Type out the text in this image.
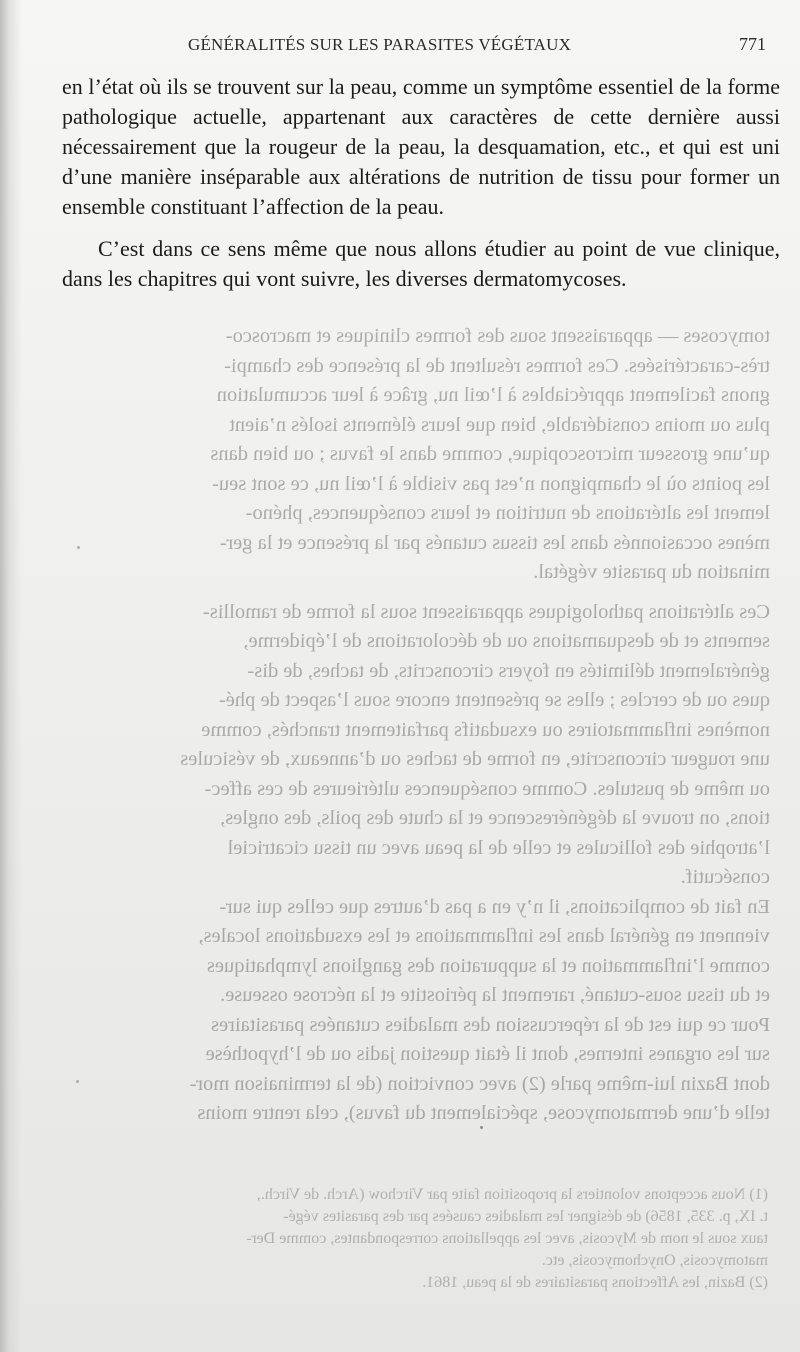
GÉNÉRALITÉS SUR LES PARASITES VÉGÉTAUX	771
tomycoses — apparaissent sous des formes cliniques et macrosco-
très-caractérisées. Ces formes résultent de la présence des champi-
gnons facilement appréciables à l’œil nu, grâce à leur accumulation
plus ou moins considérable, bien que leurs éléments isolés n’aient
qu’une grosseur microscopique, comme dans le favus ; ou bien dans
les points où le champignon n’est pas visible à l’œil nu, ce sont seu-
lement les altérations de nutrition et leurs conséquences, phéno-
mènes occasionnés dans les tissus cutanés par la présence et la ger-
mination du parasite végétal.
Ces altérations pathologiques apparaissent sous la forme de ramollis-
sements et de desquamations ou de décolorations de l’épiderme,
généralement délimités en foyers circonscrits, de taches, de dis-
ques ou de cercles ; elles se présentent encore sous l’aspect de phé-
nomènes inflammatoires ou exsudatifs parfaitement tranchés, comme
une rougeur circonscrite, en forme de taches ou d’anneaux, de vésicules
ou même de pustules. Comme conséquences ultérieures de ces affec-
tions, on trouve la dégénérescence et la chute des poils, des ongles,
l’atrophie des follicules et celle de la peau avec un tissu cicatriciel
consécutif.
En fait de complications, il n’y en a pas d’autres que celles qui sur-
viennent en général dans les inflammations et les exsudations locales,
comme l’inflammation et la suppuration des ganglions lymphatiques
et du tissu sous-cutané, rarement la périostite et la nécrose osseuse.
Pour ce qui est de la répercussion des maladies cutanées parasitaires
sur les organes internes, dont il était question jadis ou de l’hypothèse
dont Bazin lui-même parle (2) avec conviction (de la terminaison mor-
telle d’une dermatomycose, spécialement du favus), cela rentre moins
(1) Nous acceptons volontiers la proposition faite par Virchow (Arch. de Virch.,
t. IX, p. 335, 1856) de désigner les maladies causées par des parasites végé-
taux sous le nom de Mycosis, avec les appellations correspondantes, comme Der-
matomycosis, Onychomycosis, etc.
(2) Bazin, les Affections parasitaires de la peau, 1861.

en l’état où ils se trouvent sur la peau, comme un symptôme essentiel de la forme pathologique actuelle, appartenant aux caractères de cette dernière aussi nécessairement que la rougeur de la peau, la desquamation, etc., et qui est uni d’une manière inséparable aux altérations de nutrition de tissu pour former un ensemble constituant l’affection de la peau.

C’est dans ce sens même que nous allons étudier au point de vue clinique, dans les chapitres qui vont suivre, les diverses dermatomycoses.
